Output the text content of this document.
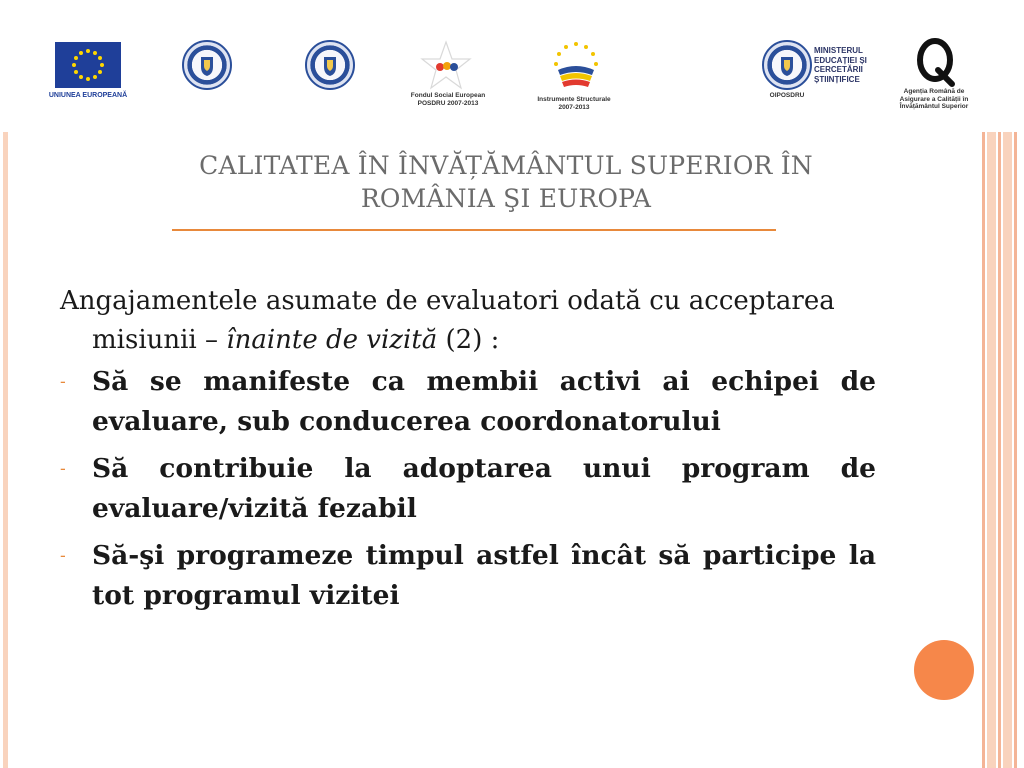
UNIUNEA EUROPEANĂ	Fondul Social European
POSDRU 2007-2013
Instrumente Structurale
2007-2013
OIPOSDRU
MINISTERUL
EDUCAȚIEI ȘI
CERCETĂRII
ȘTIINȚIFICE
Agenția Română de
Asigurare a Calității în
Învățământul Superior
CALITATEA ÎN ÎNVĂȚĂMÂNTUL SUPERIOR ÎN
ROMÂNIA ŞI EUROPA

Angajamentele asumate de evaluatori odată cu acceptarea misiunii – înainte de vizită (2) :

- Să se manifeste ca membii activi ai echipei de evaluare, sub conducerea coordonatorului

- Să contribuie la adoptarea unui program de evaluare/vizită fezabil

- Să-şi programeze timpul astfel încât să participe la tot programul vizitei
